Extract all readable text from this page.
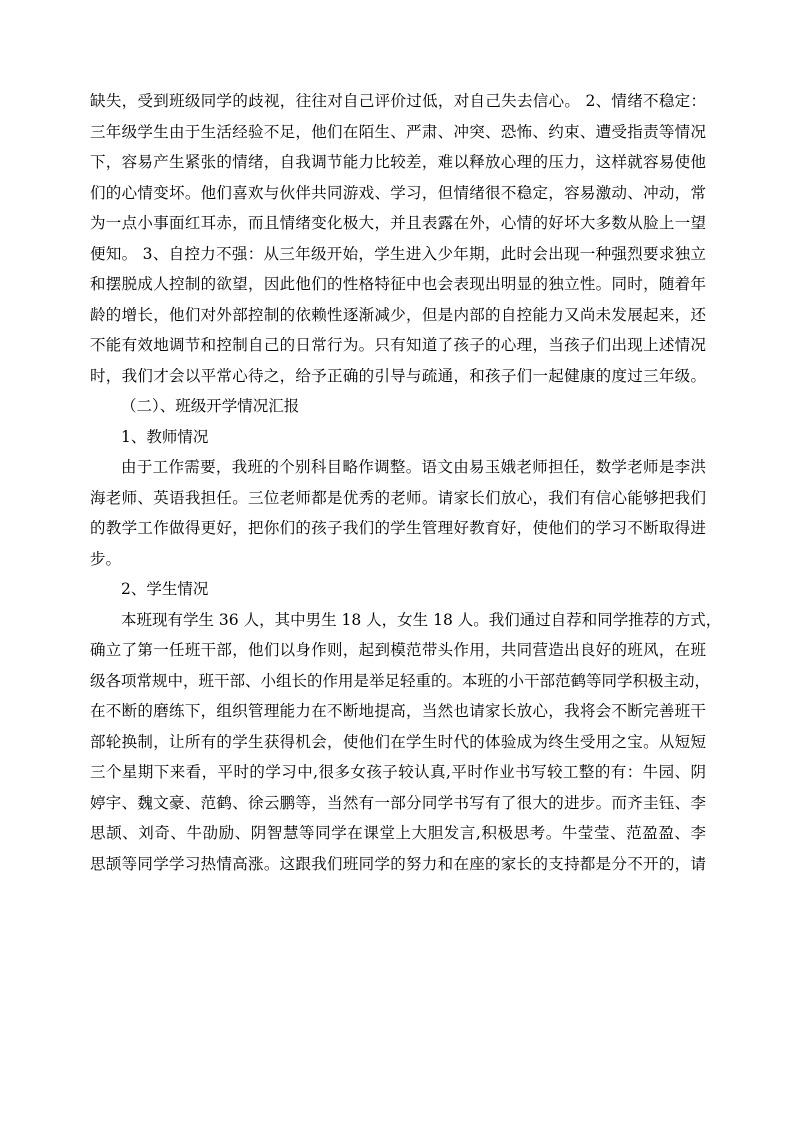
缺失，受到班级同学的歧视，往往对自己评价过低，对自己失去信心。 2、情绪不稳定：
三年级学生由于生活经验不足，他们在陌生、严肃、冲突、恐怖、约束、遭受指责等情况
下，容易产生紧张的情绪，自我调节能力比较差，难以释放心理的压力，这样就容易使他
们的心情变坏。他们喜欢与伙伴共同游戏、学习，但情绪很不稳定，容易激动、冲动，常
为一点小事面红耳赤，而且情绪变化极大，并且表露在外，心情的好坏大多数从脸上一望
便知。 3、自控力不强：从三年级开始，学生进入少年期，此时会出现一种强烈要求独立
和摆脱成人控制的欲望，因此他们的性格特征中也会表现出明显的独立性。同时，随着年
龄的增长，他们对外部控制的依赖性逐渐减少，但是内部的自控能力又尚未发展起来，还
不能有效地调节和控制自己的日常行为。只有知道了孩子的心理，当孩子们出现上述情况
时，我们才会以平常心待之，给予正确的引导与疏通，和孩子们一起健康的度过三年级。
（二）、班级开学情况汇报
1、教师情况
由于工作需要，我班的个别科目略作调整。语文由易玉娥老师担任，数学老师是李洪
海老师、英语我担任。三位老师都是优秀的老师。请家长们放心，我们有信心能够把我们
的教学工作做得更好，把你们的孩子我们的学生管理好教育好，使他们的学习不断取得进
步。
2、学生情况
本班现有学生 36 人，其中男生 18 人，女生 18 人。我们通过自荐和同学推荐的方式，
确立了第一任班干部，他们以身作则，起到模范带头作用，共同营造出良好的班风，在班
级各项常规中，班干部、小组长的作用是举足轻重的。本班的小干部范鹤等同学积极主动，
在不断的磨练下，组织管理能力在不断地提高，当然也请家长放心，我将会不断完善班干
部轮换制，让所有的学生获得机会，使他们在学生时代的体验成为终生受用之宝。从短短
三个星期下来看，平时的学习中,很多女孩子较认真,平时作业书写较工整的有：牛园、阴
婷宇、魏文豪、范鹤、徐云鹏等，当然有一部分同学书写有了很大的进步。而齐圭钰、李
思颉、刘奇、牛劭励、阴智慧等同学在课堂上大胆发言,积极思考。牛莹莹、范盈盈、李
思颉等同学学习热情高涨。这跟我们班同学的努力和在座的家长的支持都是分不开的，请
